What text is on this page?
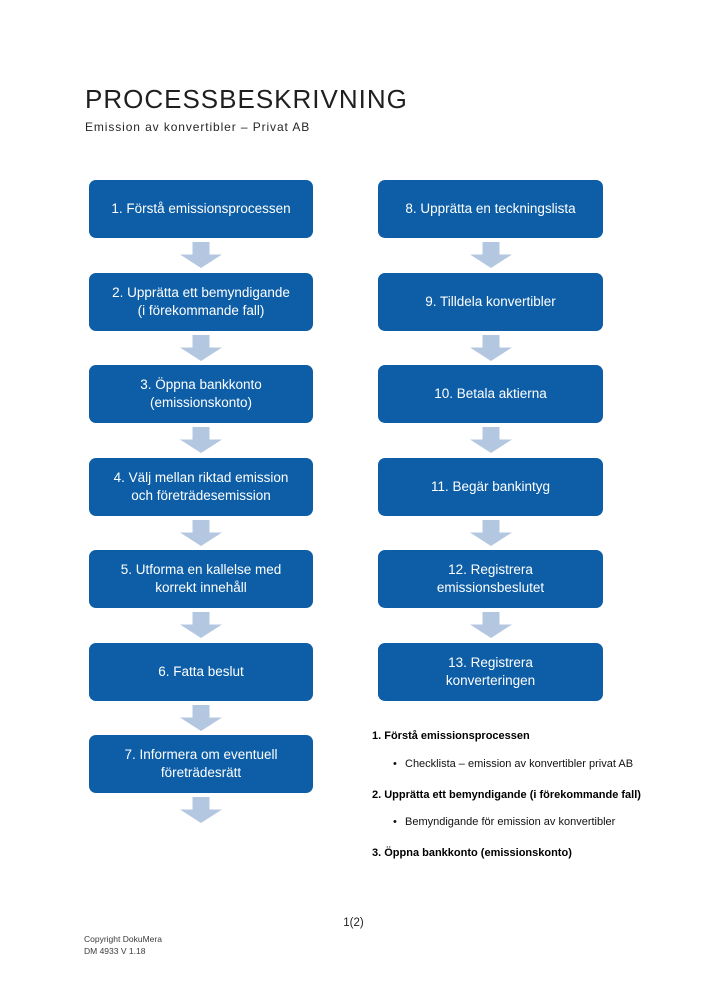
PROCESSBESKRIVNING
Emission av konvertibler – Privat AB
1. Förstå emissionsprocessen
2. Upprätta ett bemyndigande
(i förekommande fall)
3. Öppna bankkonto
(emissionskonto)
4. Välj mellan riktad emission
och företrädesemission
5. Utforma en kallelse med
korrekt innehåll
6. Fatta beslut
7. Informera om eventuell
företrädesrätt
8. Upprätta en teckningslista
9. Tilldela konvertibler
10. Betala aktierna
11. Begär bankintyg
12. Registrera
emissionsbeslutet
13. Registrera
konverteringen
1. Förstå emissionsprocessen
• Checklista – emission av konvertibler privat AB
2. Upprätta ett bemyndigande (i förekommande fall)
• Bemyndigande för emission av konvertibler
3. Öppna bankkonto (emissionskonto)
1(2)
Copyright DokuMera
DM 4933 V 1.18
